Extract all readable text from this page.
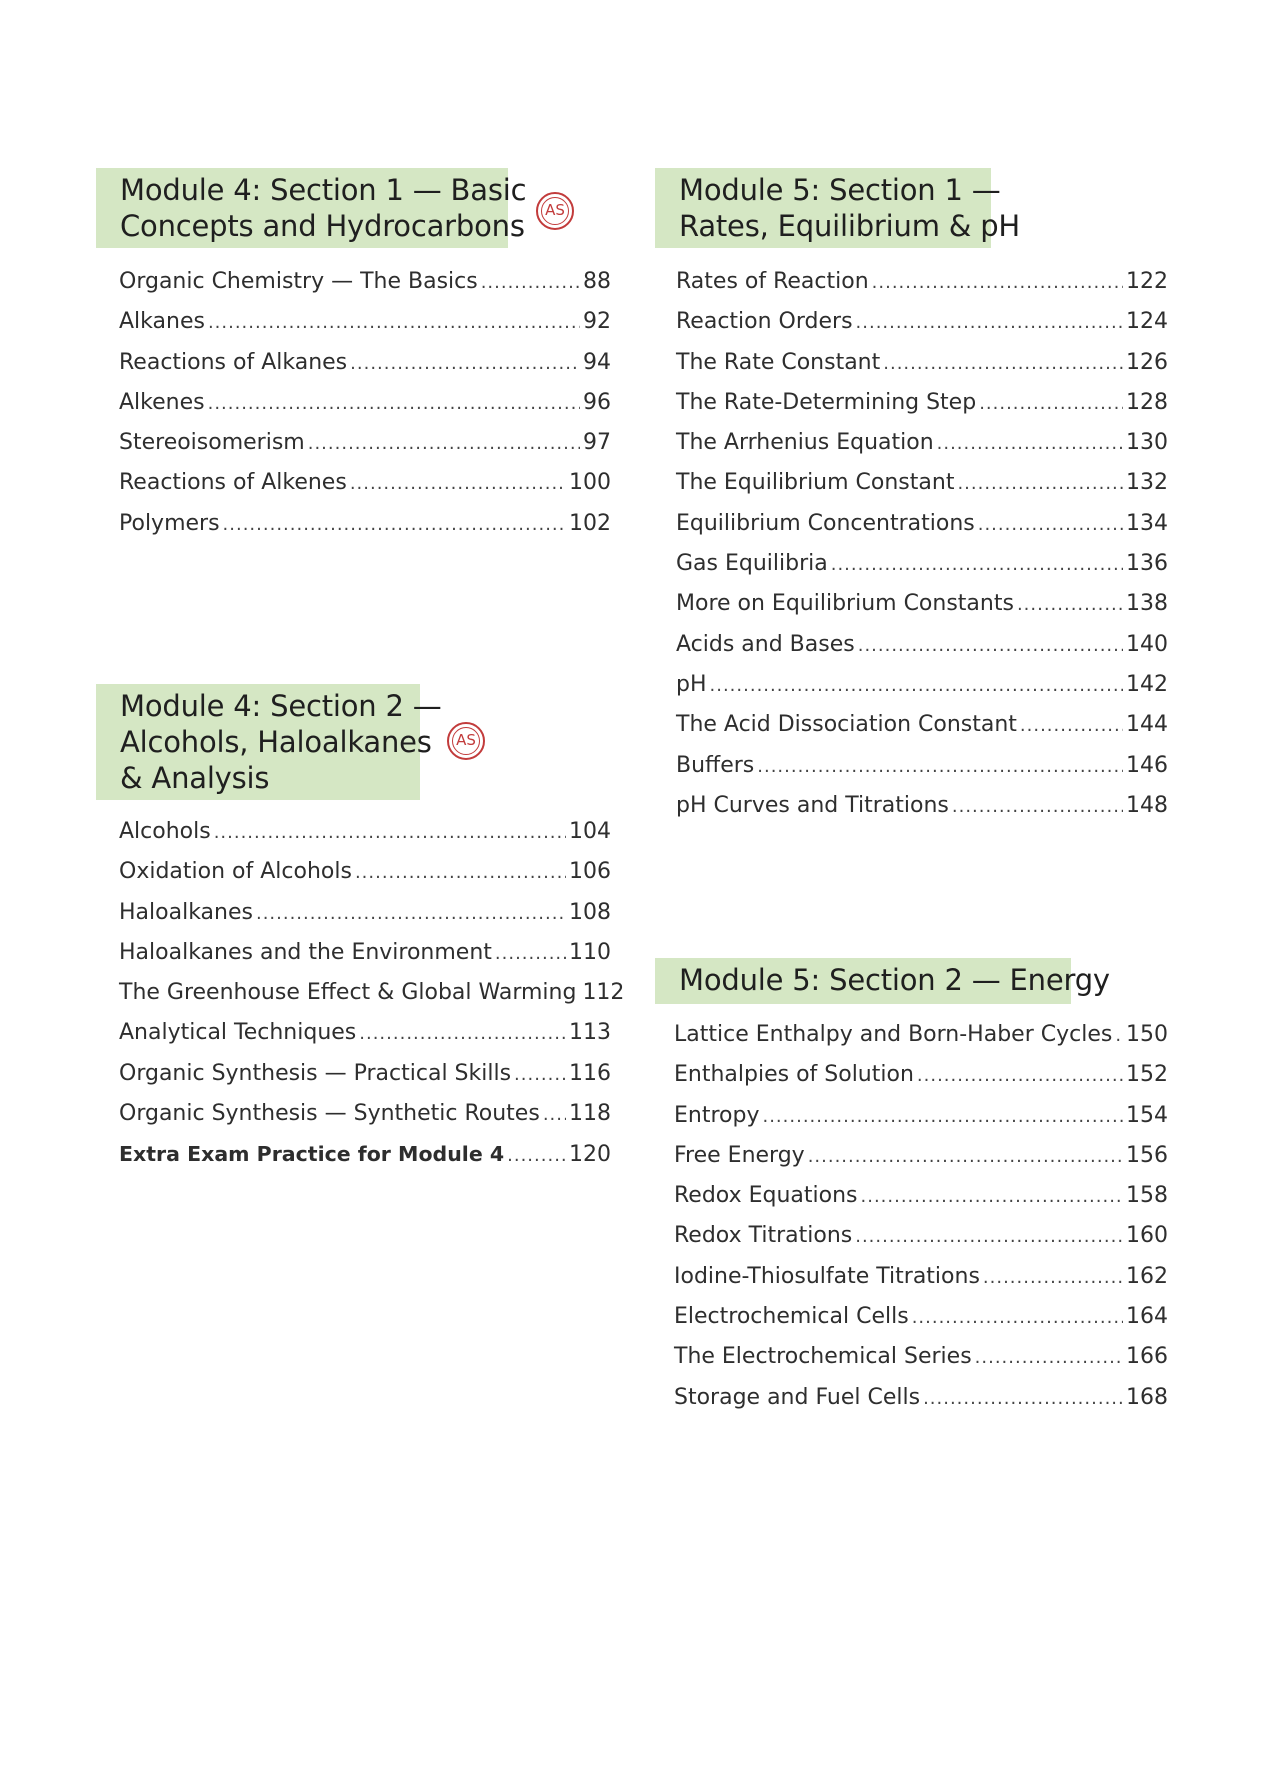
Module 4: Section 1 — Basic
Concepts and Hydrocarbons	AS
Organic Chemistry — The Basics .....	88
Alkanes .....	92
Reactions of Alkanes .....	94
Alkenes .....	96
Stereoisomerism .....	97
Reactions of Alkenes .....	100
Polymers .....	102
Module 4: Section 2 —
Alcohols, Haloalkanes
& Analysis
AS
Alcohols .....	104
Oxidation of Alcohols .....	106
Haloalkanes .....	108
Haloalkanes and the Environment .....	110
The Greenhouse Effect & Global Warming 112
Analytical Techniques .....	113
Organic Synthesis — Practical Skills .....	116
Organic Synthesis — Synthetic Routes ..... 118
Extra Exam Practice for Module 4 .....	120
Module 5: Section 1 —
Rates, Equilibrium & pH
Rates of Reaction .....	122
Reaction Orders .....	124
The Rate Constant .....	126
The Rate-Determining Step .....	128
The Arrhenius Equation .....	130
The Equilibrium Constant .....	132
Equilibrium Concentrations .....	134
Gas Equilibria .....	136
More on Equilibrium Constants .....	138
Acids and Bases .....	140
pH .....	142
The Acid Dissociation Constant .....	144
Buffers .....	146
pH Curves and Titrations .....	148
Module 5: Section 2 — Energy
Lattice Enthalpy and Born-Haber Cycles ..... 150
Enthalpies of Solution .....	152
Entropy .....	154
Free Energy .....	156
Redox Equations .....	158
Redox Titrations .....	160
Iodine-Thiosulfate Titrations .....	162
Electrochemical Cells .....	164
The Electrochemical Series .....	166
Storage and Fuel Cells .....	168
